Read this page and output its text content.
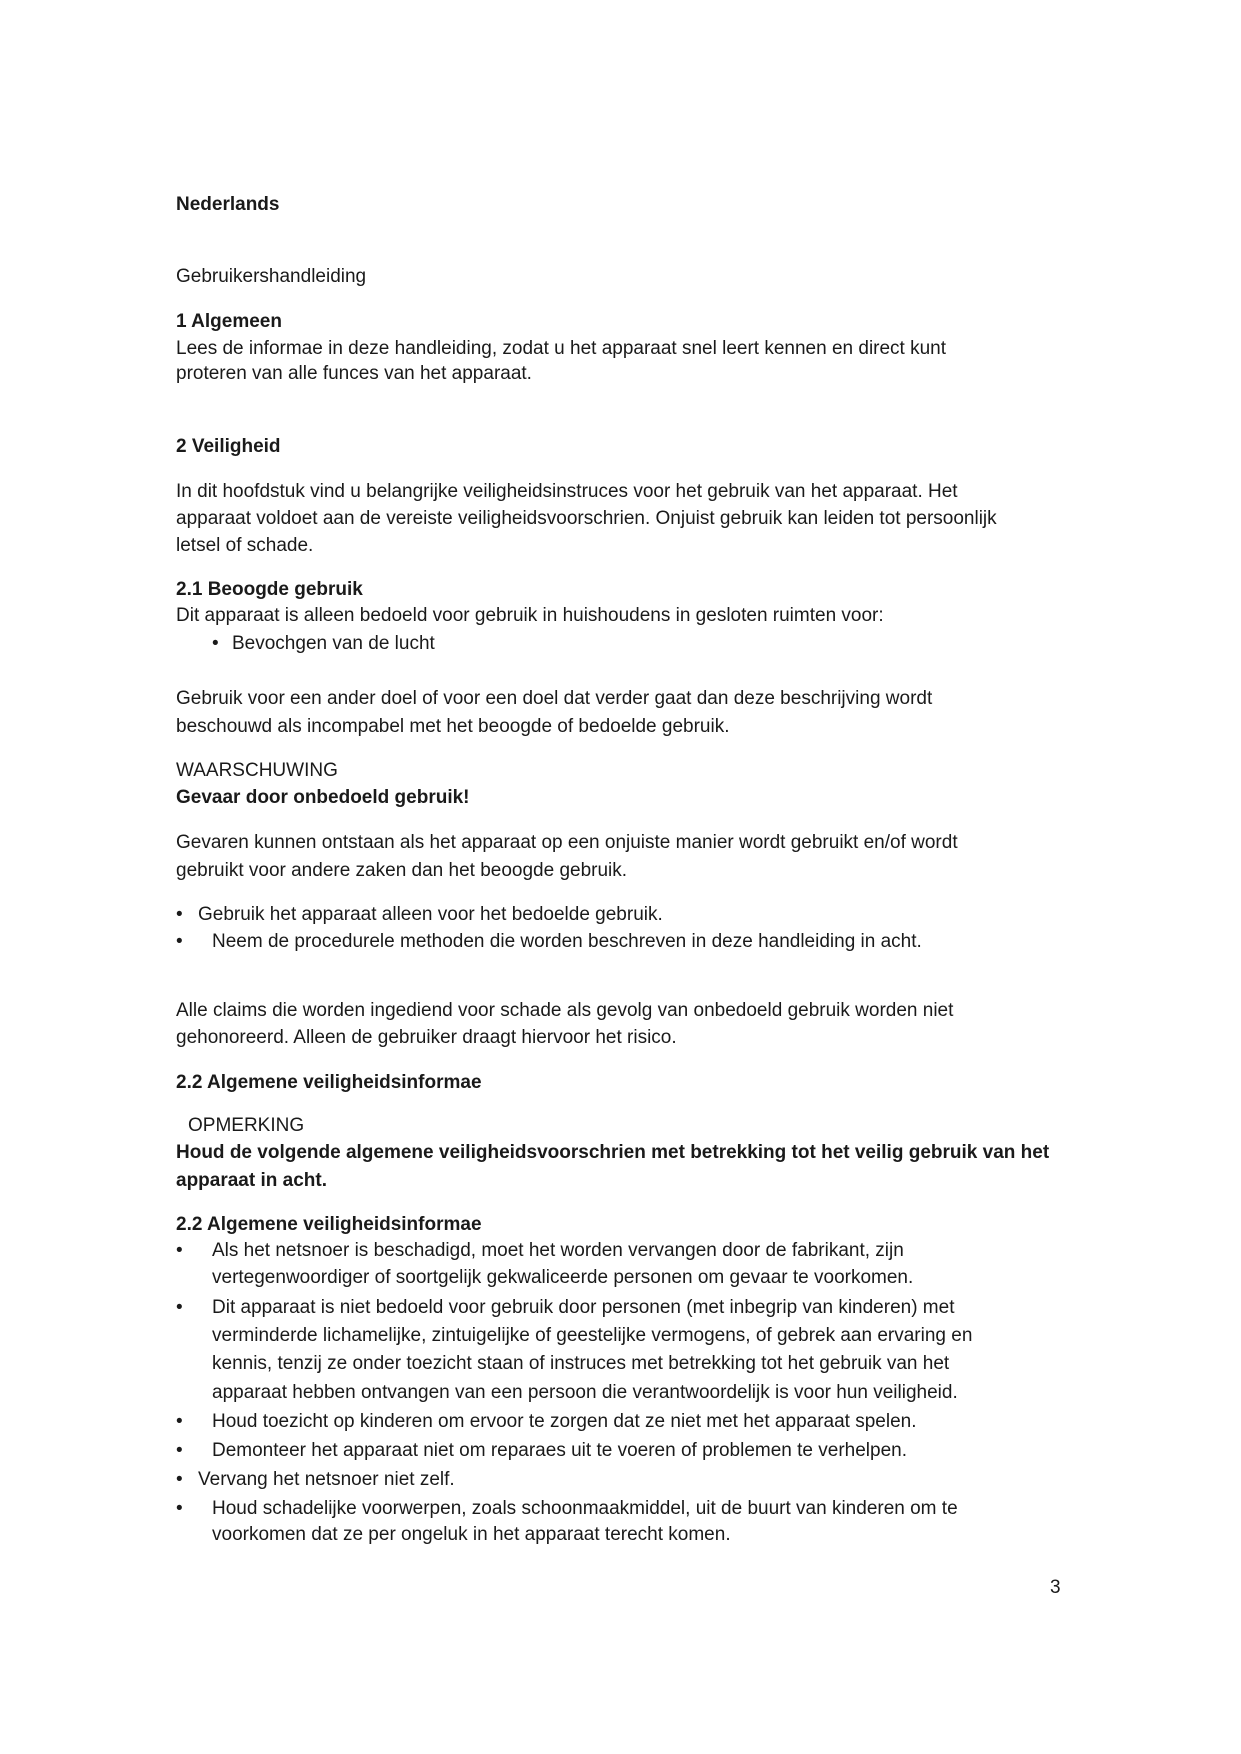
Nederlands

Gebruikershandleiding

1 Algemeen

Lees de informae in deze handleiding, zodat u het apparaat snel leert kennen en direct kunt

proteren van alle funces van het apparaat.

2 Veiligheid

In dit hoofdstuk vind u belangrijke veiligheidsinstruces voor het gebruik van het apparaat. Het

apparaat voldoet aan de vereiste veiligheidsvoorschrien. Onjuist gebruik kan leiden tot persoonlijk

letsel of schade.

2.1 Beoogde gebruik

Dit apparaat is alleen bedoeld voor gebruik in huishoudens in gesloten ruimten voor:

• Bevochgen van de lucht

Gebruik voor een ander doel of voor een doel dat verder gaat dan deze beschrijving wordt

beschouwd als incompabel met het beoogde of bedoelde gebruik.

WAARSCHUWING

Gevaar door onbedoeld gebruik!

Gevaren kunnen ontstaan als het apparaat op een onjuiste manier wordt gebruikt en/of wordt

gebruikt voor andere zaken dan het beoogde gebruik.

• Gebruik het apparaat alleen voor het bedoelde gebruik.
• Neem de procedurele methoden die worden beschreven in deze handleiding in acht.

Alle claims die worden ingediend voor schade als gevolg van onbedoeld gebruik worden niet

gehonoreerd. Alleen de gebruiker draagt hiervoor het risico.

2.2 Algemene veiligheidsinformae

OPMERKING

Houd de volgende algemene veiligheidsvoorschrien met betrekking tot het veilig gebruik van het

apparaat in acht.

2.2 Algemene veiligheidsinformae

• Als het netsnoer is beschadigd, moet het worden vervangen door de fabrikant, zijn
vertegenwoordiger of soortgelijk gekwaliceerde personen om gevaar te voorkomen.
• Dit apparaat is niet bedoeld voor gebruik door personen (met inbegrip van kinderen) met
verminderde lichamelijke, zintuigelijke of geestelijke vermogens, of gebrek aan ervaring en
kennis, tenzij ze onder toezicht staan of instruces met betrekking tot het gebruik van het
apparaat hebben ontvangen van een persoon die verantwoordelijk is voor hun veiligheid.
• Houd toezicht op kinderen om ervoor te zorgen dat ze niet met het apparaat spelen.
• Demonteer het apparaat niet om reparaes uit te voeren of problemen te verhelpen.
• Vervang het netsnoer niet zelf.
• Houd schadelijke voorwerpen, zoals schoonmaakmiddel, uit de buurt van kinderen om te
voorkomen dat ze per ongeluk in het apparaat terecht komen.
3
